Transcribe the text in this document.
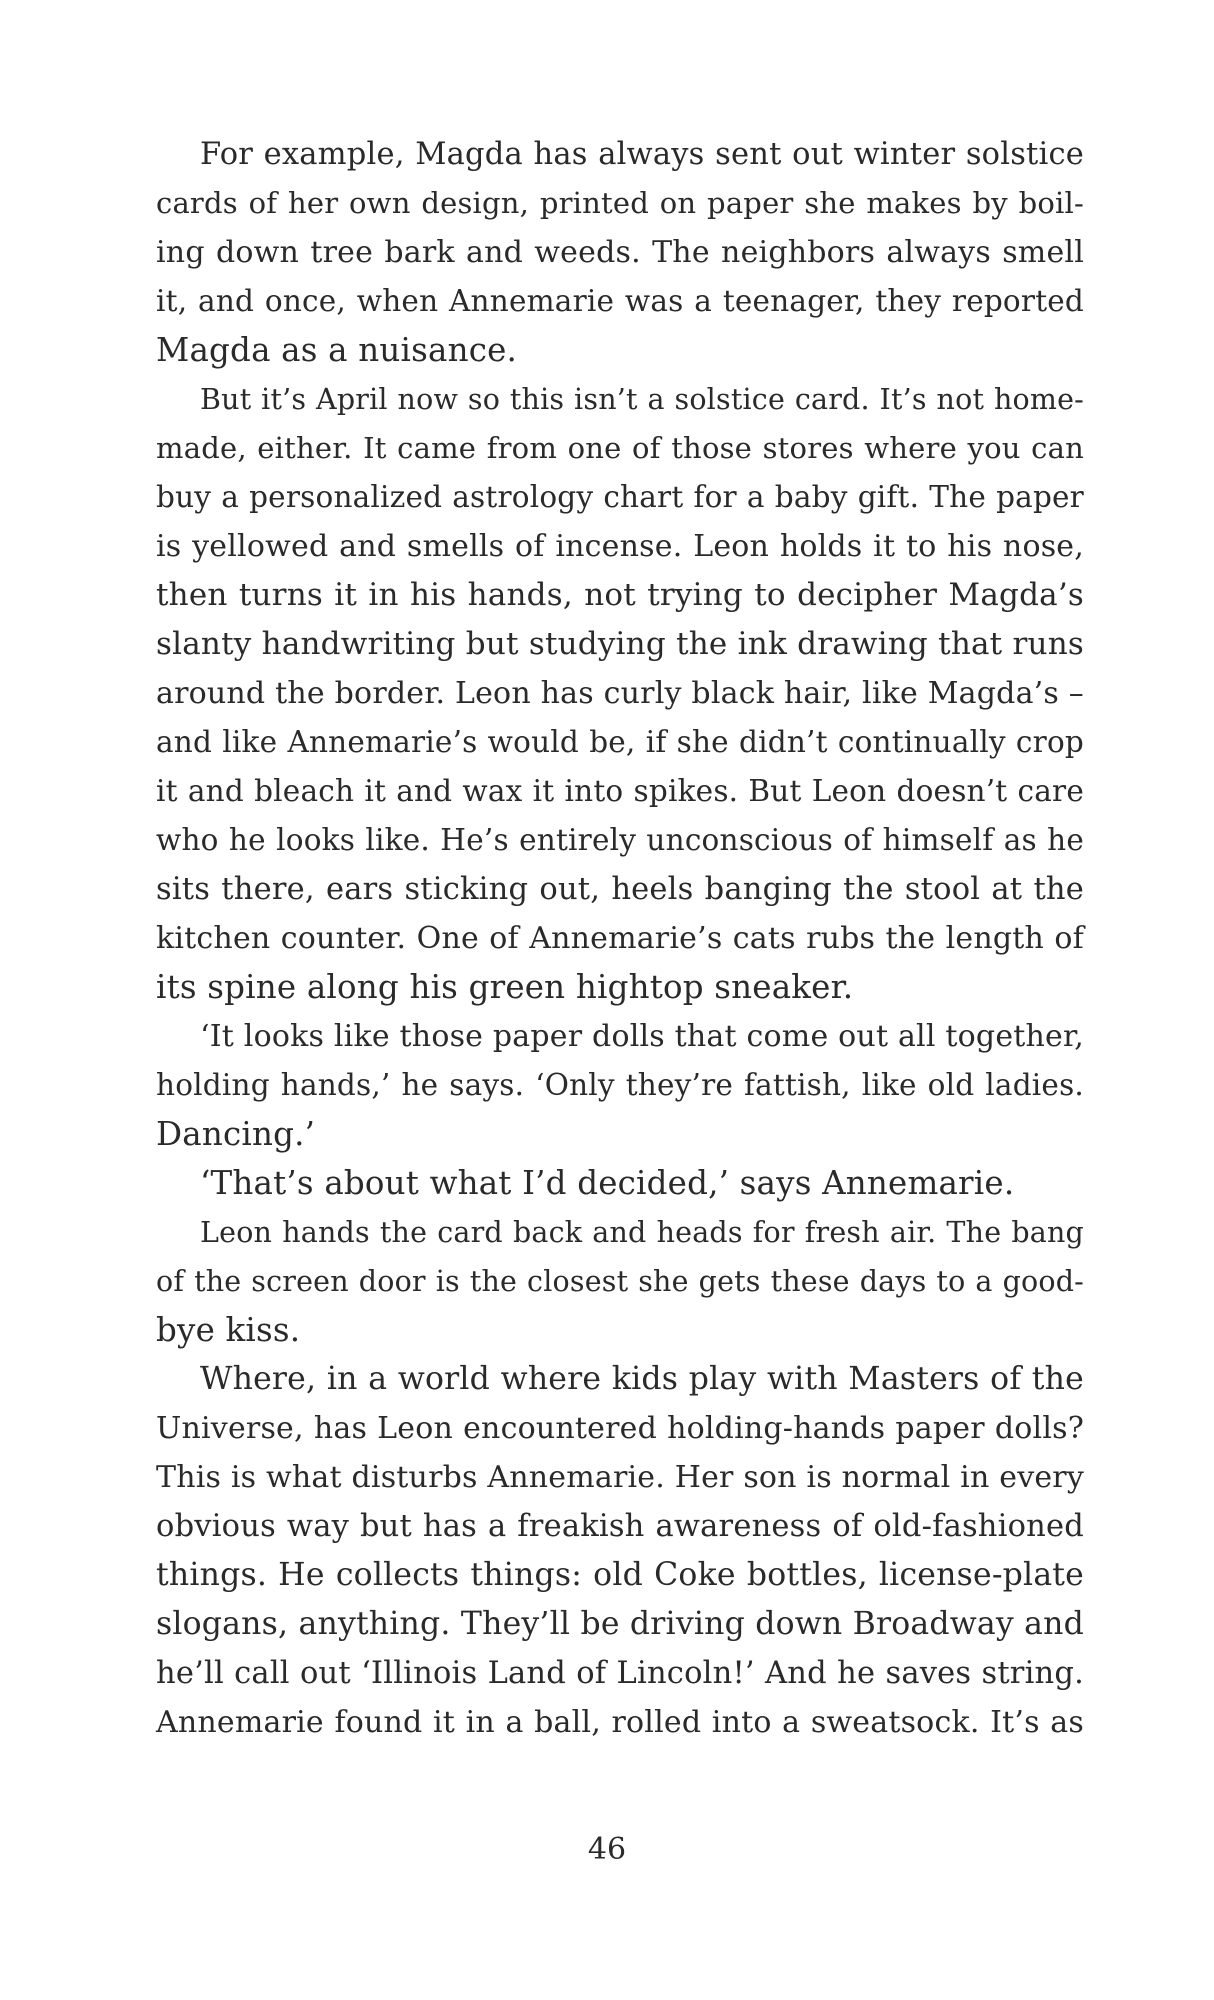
For example, Magda has always sent out winter solstice
cards of her own design, printed on paper she makes by boil-
ing down tree bark and weeds. The neighbors always smell
it, and once, when Annemarie was a teenager, they reported
Magda as a nuisance.
But it’s April now so this isn’t a solstice card. It’s not home-
made, either. It came from one of those stores where you can
buy a personalized astrology chart for a baby gift. The paper
is yellowed and smells of incense. Leon holds it to his nose,
then turns it in his hands, not trying to decipher Magda’s
slanty handwriting but studying the ink drawing that runs
around the border. Leon has curly black hair, like Magda’s –
and like Annemarie’s would be, if she didn’t continually crop
it and bleach it and wax it into spikes. But Leon doesn’t care
who he looks like. He’s entirely unconscious of himself as he
sits there, ears sticking out, heels banging the stool at the
kitchen counter. One of Annemarie’s cats rubs the length of
its spine along his green hightop sneaker.
‘It looks like those paper dolls that come out all together,
holding hands,’ he says. ‘Only they’re fattish, like old ladies.
Dancing.’
‘That’s about what I’d decided,’ says Annemarie.
Leon hands the card back and heads for fresh air. The bang
of the screen door is the closest she gets these days to a good-
bye kiss.
Where, in a world where kids play with Masters of the
Universe, has Leon encountered holding-hands paper dolls?
This is what disturbs Annemarie. Her son is normal in every
obvious way but has a freakish awareness of old-fashioned
things. He collects things: old Coke bottles, license-plate
slogans, anything. They’ll be driving down Broadway and
he’ll call out ‘Illinois Land of Lincoln!’ And he saves string.
Annemarie found it in a ball, rolled into a sweatsock. It’s as
46
